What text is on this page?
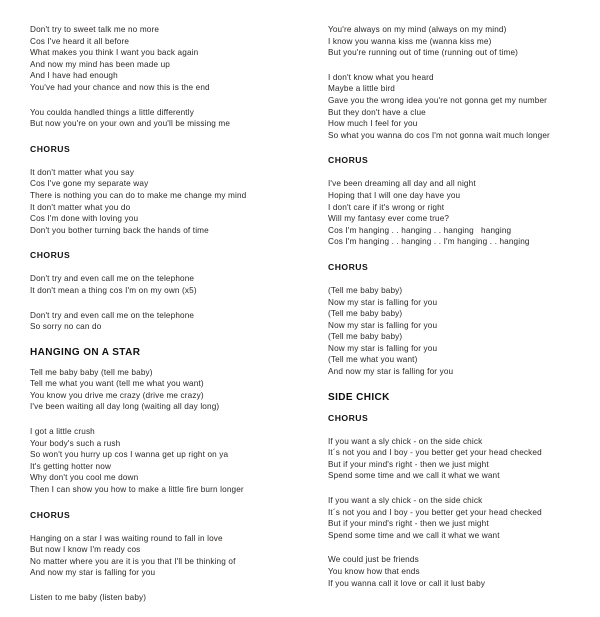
Don't try to sweet talk me no more
Cos I've heard it all before
What makes you think I want you back again
And now my mind has been made up
And I have had enough
You've had your chance and now this is the end
You coulda handled things a little differently
But now you're on your own and you'll be missing me
CHORUS
It don't matter what you say
Cos I've gone my separate way
There is nothing you can do to make me change my mind
It don't matter what you do
Cos I'm done with loving you
Don't you bother turning back the hands of time
CHORUS
Don't try and even call me on the telephone
It don't mean a thing cos I'm on my own (x5)
Don't try and even call me on the telephone
So sorry no can do
HANGING ON A STAR
Tell me baby baby (tell me baby)
Tell me what you want (tell me what you want)
You know you drive me crazy (drive me crazy)
I've been waiting all day long (waiting all day long)
I got a little crush
Your body's such a rush
So won't you hurry up cos I wanna get up right on ya
It's getting hotter now
Why don't you cool me down
Then I can show you how to make a little fire burn longer
CHORUS
Hanging on a star I was waiting round to fall in love
But now I know I'm ready cos
No matter where you are it is you that I'll be thinking of
And now my star is falling for you
Listen to me baby (listen baby)
You're always on my mind (always on my mind)
I know you wanna kiss me (wanna kiss me)
But you're running out of time (running out of time)
I don't know what you heard
Maybe a little bird
Gave you the wrong idea you're not gonna get my number
But they don't have a clue
How much I feel for you
So what you wanna do cos I'm not gonna wait much longer
CHORUS
I've been dreaming all day and all night
Hoping that I will one day have you
I don't care if it's wrong or right
Will my fantasy ever come true?
Cos I'm hanging . . hanging . . hanging   hanging
Cos I'm hanging . . hanging . . I'm hanging . . hanging
CHORUS
(Tell me baby baby)
Now my star is falling for you
(Tell me baby baby)
Now my star is falling for you
(Tell me baby baby)
Now my star is falling for you
(Tell me what you want)
And now my star is falling for you
SIDE CHICK
CHORUS
If you want a sly chick - on the side chick
It´s not you and I boy - you better get your head checked
But if your mind's right - then we just might
Spend some time and we call it what we want
If you want a sly chick - on the side chick
It´s not you and I boy - you better get your head checked
But if your mind's right - then we just might
Spend some time and we call it what we want
We could just be friends
You know how that ends
If you wanna call it love or call it lust baby
